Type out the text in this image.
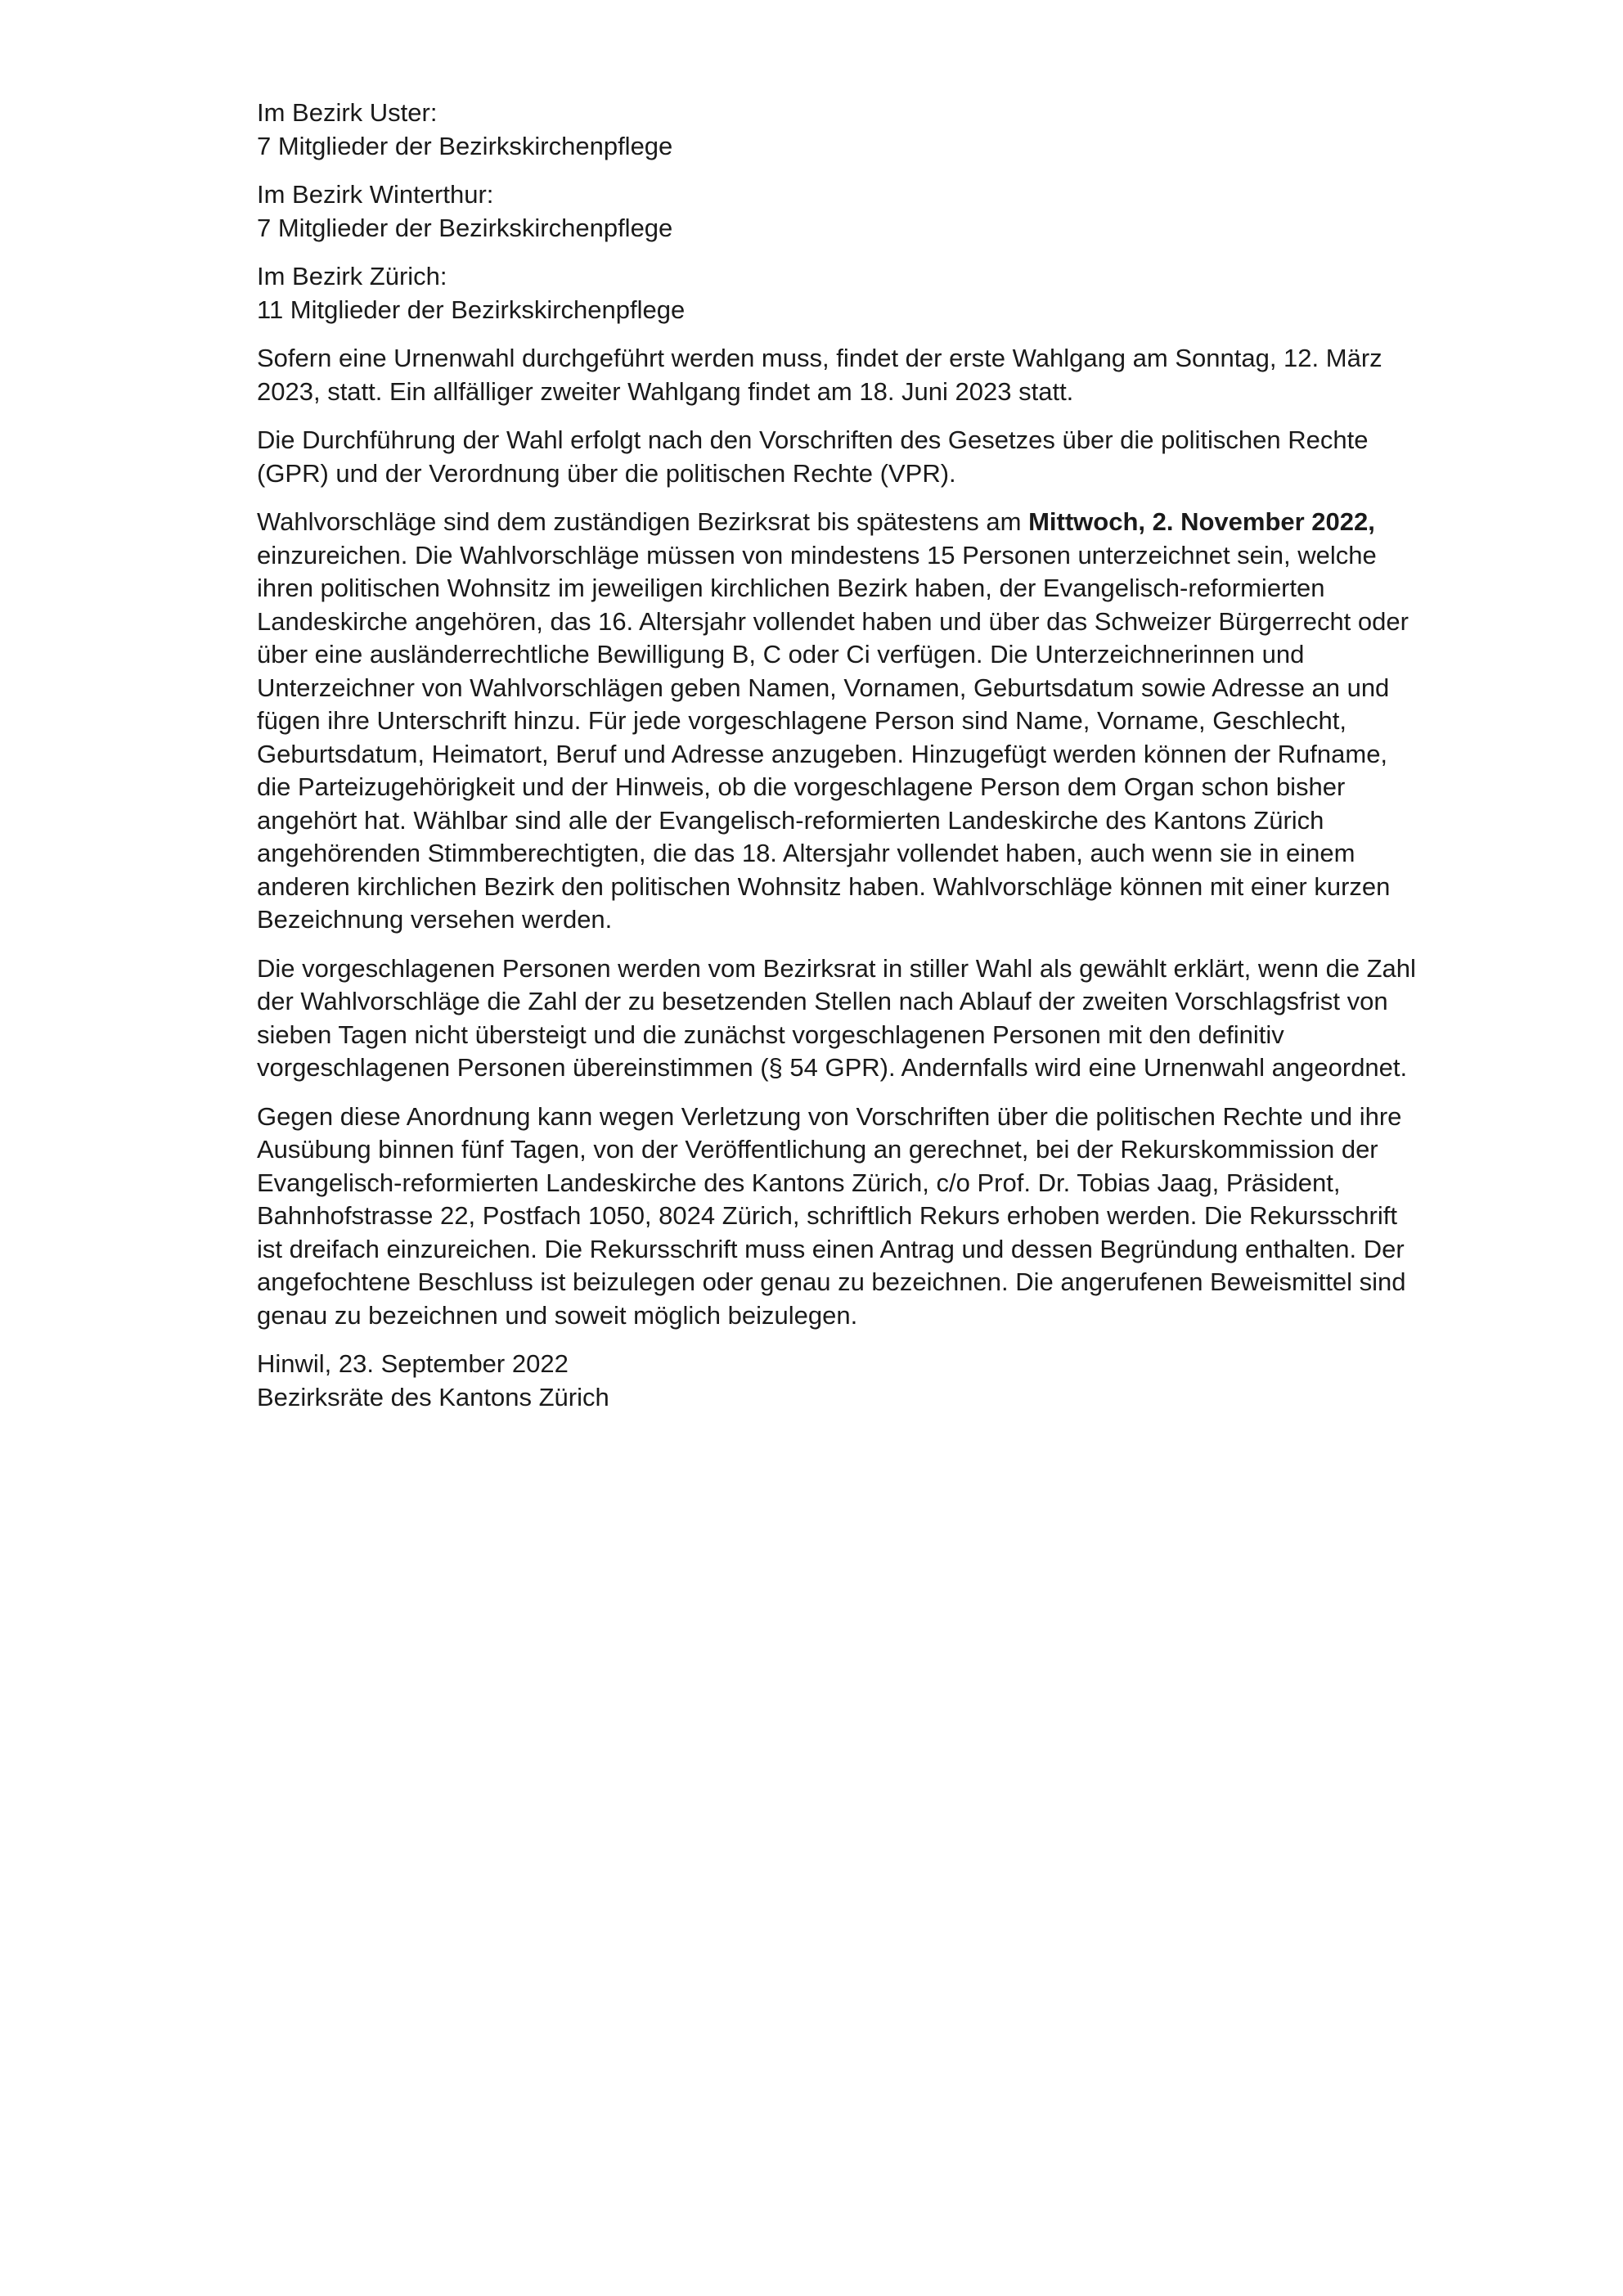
Im Bezirk Uster:
7 Mitglieder der Bezirkskirchenpflege

Im Bezirk Winterthur:
7 Mitglieder der Bezirkskirchenpflege

Im Bezirk Zürich:
11 Mitglieder der Bezirkskirchenpflege

Sofern eine Urnenwahl durchgeführt werden muss, findet der erste Wahlgang am Sonntag, 12. März 2023, statt. Ein allfälliger zweiter Wahlgang findet am 18. Juni 2023 statt.

Die Durchführung der Wahl erfolgt nach den Vorschriften des Gesetzes über die politischen Rechte (GPR) und der Verordnung über die politischen Rechte (VPR).

Wahlvorschläge sind dem zuständigen Bezirksrat bis spätestens am Mittwoch, 2. November 2022, einzureichen. Die Wahlvorschläge müssen von mindestens 15 Personen unterzeichnet sein, welche ihren politischen Wohnsitz im jeweiligen kirchlichen Bezirk haben, der Evangelisch-reformierten Landeskirche angehören, das 16. Altersjahr vollendet haben und über das Schweizer Bürgerrecht oder über eine ausländerrechtliche Bewilligung B, C oder Ci verfügen. Die Unterzeichnerinnen und Unterzeichner von Wahlvorschlägen geben Namen, Vornamen, Geburtsdatum sowie Adresse an und fügen ihre Unterschrift hinzu. Für jede vorgeschlagene Person sind Name, Vorname, Geschlecht, Geburtsdatum, Heimatort, Beruf und Adresse anzugeben. Hinzugefügt werden können der Rufname, die Parteizugehörigkeit und der Hinweis, ob die vorgeschlagene Person dem Organ schon bisher angehört hat. Wählbar sind alle der Evangelisch-reformierten Landeskirche des Kantons Zürich angehörenden Stimmberechtigten, die das 18. Altersjahr vollendet haben, auch wenn sie in einem anderen kirchlichen Bezirk den politischen Wohnsitz haben. Wahlvorschläge können mit einer kurzen Bezeichnung versehen werden.

Die vorgeschlagenen Personen werden vom Bezirksrat in stiller Wahl als gewählt erklärt, wenn die Zahl der Wahlvorschläge die Zahl der zu besetzenden Stellen nach Ablauf der zweiten Vorschlagsfrist von sieben Tagen nicht übersteigt und die zunächst vorgeschlagenen Personen mit den definitiv vorgeschlagenen Personen übereinstimmen (§ 54 GPR). Andernfalls wird eine Urnenwahl angeordnet.

Gegen diese Anordnung kann wegen Verletzung von Vorschriften über die politischen Rechte und ihre Ausübung binnen fünf Tagen, von der Veröffentlichung an gerechnet, bei der Rekurskommission der Evangelisch-reformierten Landeskirche des Kantons Zürich, c/o Prof. Dr. Tobias Jaag, Präsident, Bahnhofstrasse 22, Postfach 1050, 8024 Zürich, schriftlich Rekurs erhoben werden. Die Rekursschrift ist dreifach einzureichen. Die Rekursschrift muss einen Antrag und dessen Begründung enthalten. Der angefochtene Beschluss ist beizulegen oder genau zu bezeichnen. Die angerufenen Beweismittel sind genau zu bezeichnen und soweit möglich beizulegen.

Hinwil, 23. September 2022
Bezirksräte des Kantons Zürich
